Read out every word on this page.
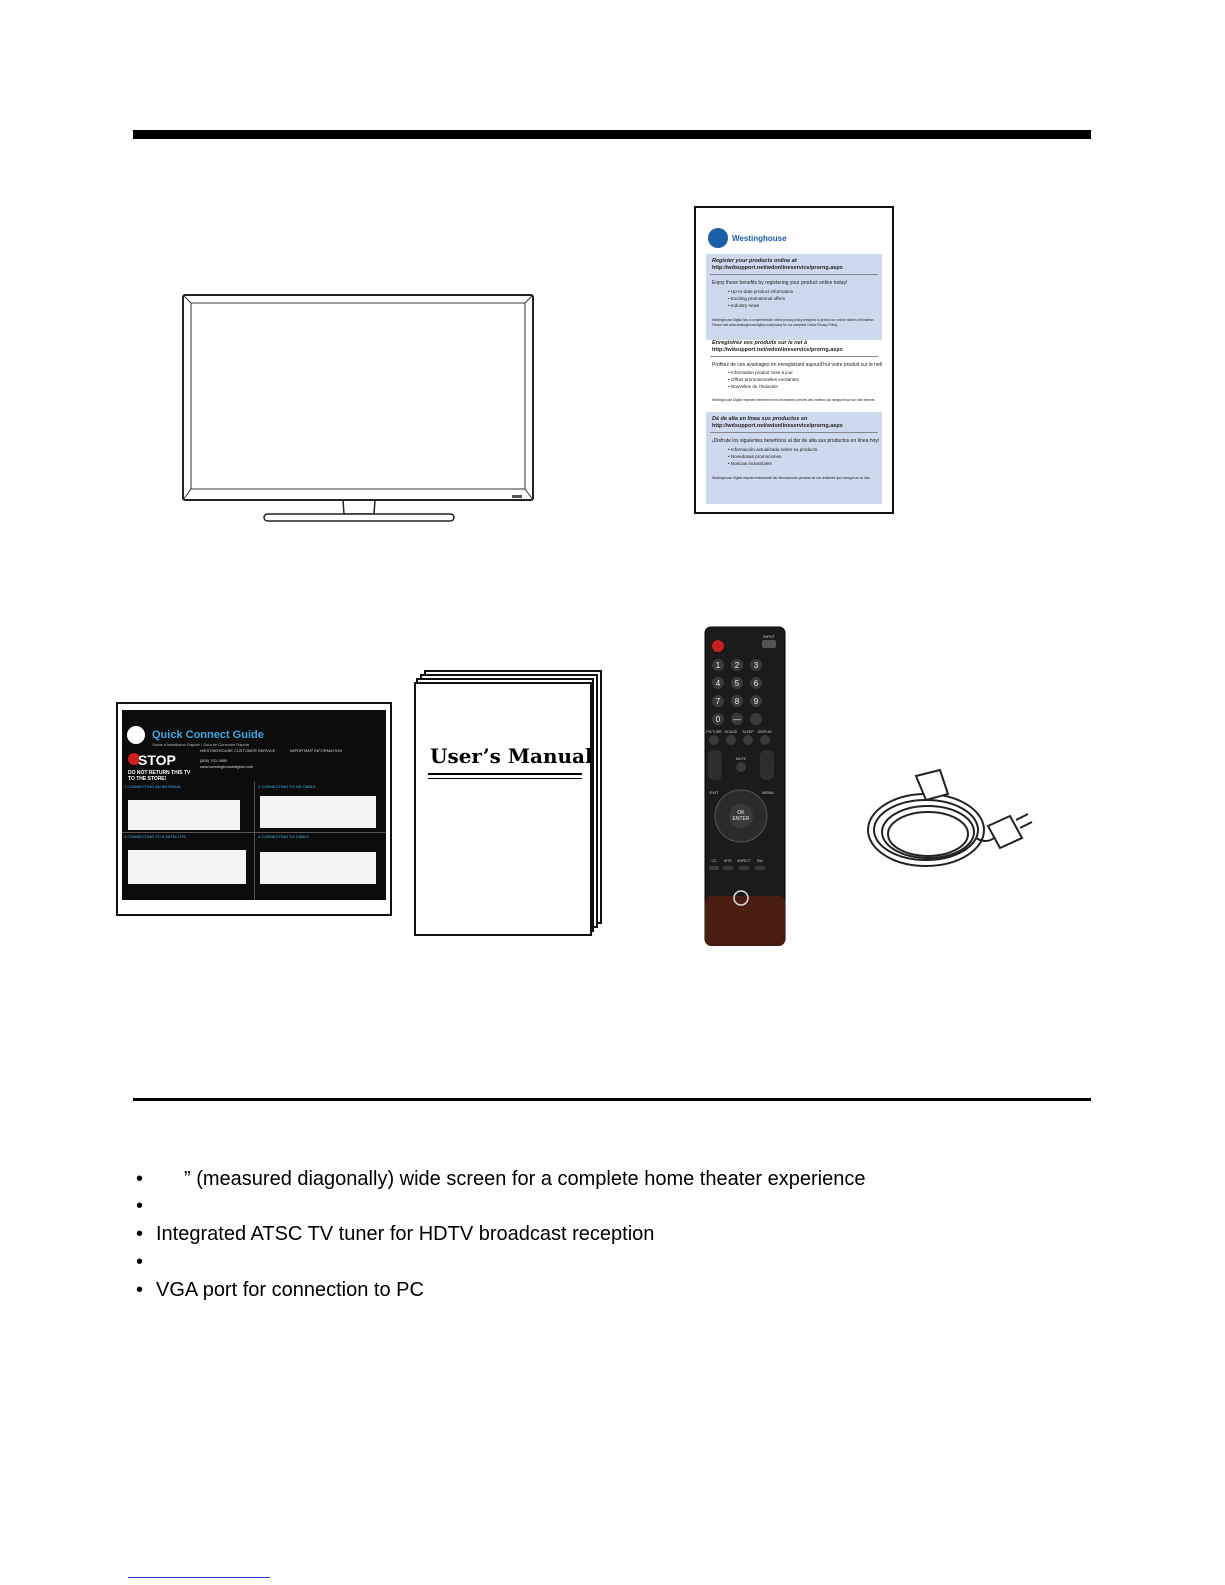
Westinghouse
Register your products online at
http://wdsupport.net/wdonlineservice/prorng.aspx
Enjoy these benefits by registering your product online today!
• Up-to-date product information
• Exciting promotional offers
• Industry news
Westinghouse Digital has a comprehensive online privacy policy designed to protect our online visitor's information.
Please visit www.westinghousedigital.com/privacy for our complete Online Privacy Policy.
Enregistrez vos produits sur le net à
http://wdsupport.net/wdonlineservice/prorng.aspx
Profitez de ces avantages en enregistrant aujourd'hui votre produit sur le net!
• Information produit mise à jour
• Offres promotionnelles excitantes
• Nouvelles de l'industrie
Westinghouse Digital respecte entièrement les informations privées des visiteurs qui naviguent sur son site Internet.
Dé de alta en línea sus productos en
http://wdsupport.net/wdonlineservice/prorng.aspx
¡Disfrute los siguientes beneficios al dar de alta sus productos en línea hoy!
• Información actualizada sobre su producto
• Novedosas promociones
• Noticias industriales
Westinghouse Digital respeta enteramente las informaciones privadas de sus visitantes que navegan en su sitio.
Quick Connect Guide
Guide d'Installation Rapide | Guía de Conexión Rápida
STOP
DO NOT RETURN THIS TV TO THE STORE!
WESTINGHOUSE CUSTOMER SERVICE
(800) 701-0680
www.westinghousedigital.com
IMPORTANT INFORMATION
1 CONNECTING AN ANTENNA	2 CONNECTING TO HD CABLE
3 CONNECTING TO A SATELLITE	4 CONNECTING TO CABLE
User’s Manual
INPUT
1 2 3
4 5 6
7 8 9
0 —
PICTURE SOUND SLEEP DISPLAY
MUTE
EXIT	MENU
OK
ENTER
CC MTS ASPECT FAV
• ” (measured diagonally) wide screen for a complete home theater experience
•
• Integrated ATSC TV tuner for HDTV broadcast reception
•
• VGA port for connection to PC
